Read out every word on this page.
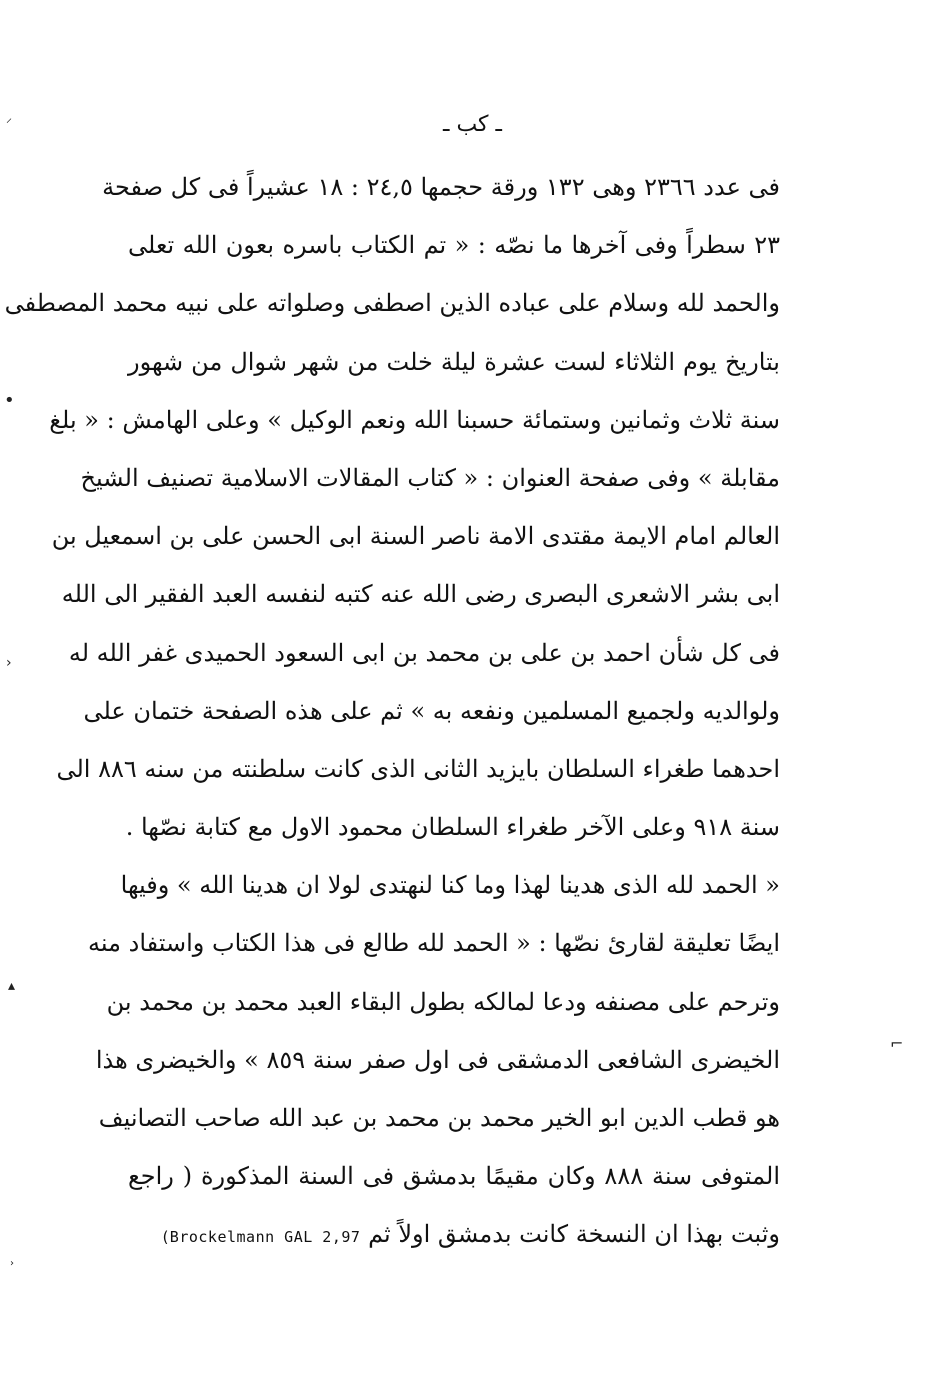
ـ كب ـ
فى عدد ٢٣٦٦ وهى ١٣٢ ورقة حجمها ٢٤,٥ : ١٨ عشيراً فى كل صفحة
٢٣ سطراً وفى آخرها ما نصّه : « تم الكتاب باسره بعون الله تعلى
والحمد لله وسلام على عباده الذين اصطفى وصلواته على نبيه محمد المصطفى
بتاريخ يوم الثلاثاء لست عشرة ليلة خلت من شهر شوال من شهور
سنة ثلاث وثمانين وستمائة حسبنا الله ونعم الوكيل » وعلى الهامش : « بلغ
مقابلة » وفى صفحة العنوان : « كتاب المقالات الاسلامية تصنيف الشيخ
العالم امام الايمة مقتدى الامة ناصر السنة ابى الحسن على بن اسمعيل بن
ابى بشر الاشعرى البصرى رضى الله عنه كتبه لنفسه العبد الفقير الى الله
فى كل شأن احمد بن على بن محمد بن ابى السعود الحميدى غفر الله له
ولوالديه ولجميع المسلمين ونفعه به » ثم على هذه الصفحة ختمان على
احدهما طغراء السلطان بايزيد الثانى الذى كانت سلطنته من سنه ٨٨٦ الى
سنة ٩١٨ وعلى الآخر طغراء السلطان محمود الاول مع كتابة نصّها .
« الحمد لله الذى هدينا لهذا وما كنا لنهتدى لولا ان هدينا الله » وفيها
ايضًا تعليقة لقارئ نصّها : « الحمد لله طالع فى هذا الكتاب واستفاد منه
وترحم على مصنفه ودعا لمالكه بطول البقاء العبد محمد بن محمد بن
الخيضرى الشافعى الدمشقى فى اول صفر سنة ٨٥٩ » والخيضرى هذا
هو قطب الدين ابو الخير محمد بن محمد بن عبد الله صاحب التصانيف
المتوفى سنة ٨٨٨ وكان مقيمًا بدمشق فى السنة المذكورة ( راجع
وثبت بهذا ان النسخة كانت بدمشق اولاً ثم (Brockelmann GAL 2,97
⸍
•
›
▴
⌐
›
